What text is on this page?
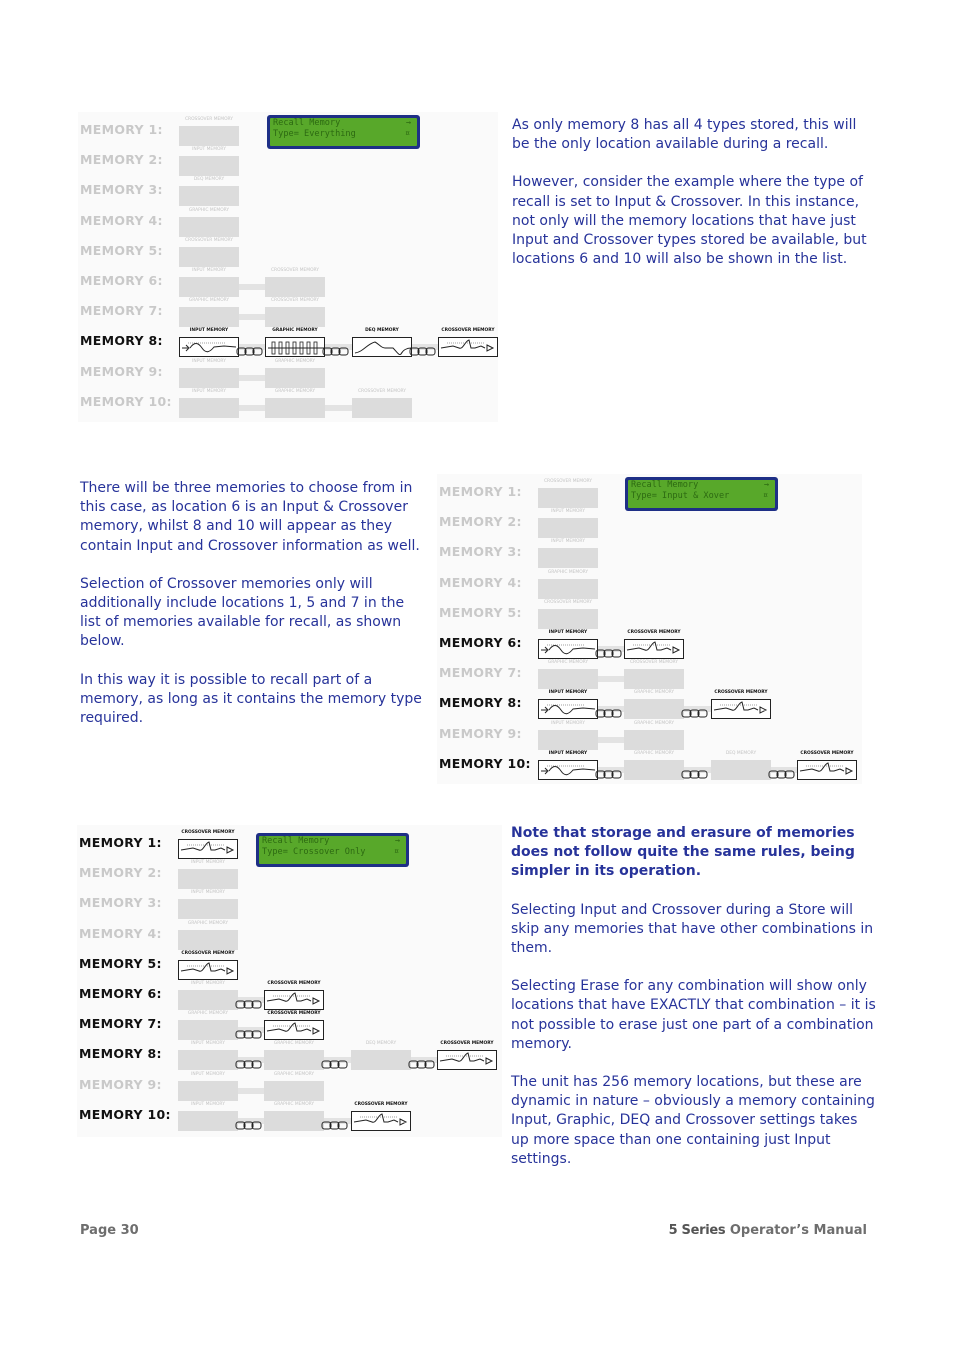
MEMORY 1:
CROSSOVER MEMORY
MEMORY 2:
INPUT MEMORY
MEMORY 3:
DEQ MEMORY
MEMORY 4:
GRAPHIC MEMORY
MEMORY 5:
CROSSOVER MEMORY
MEMORY 6:
INPUT MEMORY	CROSSOVER MEMORY
MEMORY 7:
GRAPHIC MEMORY	CROSSOVER MEMORY
MEMORY 8:
INPUT MEMORY	GRAPHIC MEMORY	DEQ MEMORY	CROSSOVER MEMORY
MEMORY 9:
INPUT MEMORY	GRAPHIC MEMORY
MEMORY 10:
INPUT MEMORY	GRAPHIC MEMORY	CROSSOVER MEMORY
Recall Memory
Type= Everything
→
¤

As only memory 8 has all 4 types stored, this will be the only location available during a recall.

However, consider the example where the type of recall is set to Input & Crossover. In this instance, not only will the memory locations that have just Input and Crossover types stored be available, but locations 6 and 10 will also be shown in the list.

There will be three memories to choose from in this case, as location 6 is an Input & Crossover memory, whilst 8 and 10 will appear as they contain Input and Crossover information as well.

Selection of Crossover memories only will additionally include locations 1, 5 and 7 in the list of memories available for recall, as shown below.

In this way it is possible to recall part of a memory, as long as it contains the memory type required.

MEMORY 1:
CROSSOVER MEMORY
MEMORY 2:
INPUT MEMORY
MEMORY 3:
INPUT MEMORY
MEMORY 4:
GRAPHIC MEMORY
MEMORY 5:
CROSSOVER MEMORY
MEMORY 6:
INPUT MEMORY	CROSSOVER MEMORY
MEMORY 7:
GRAPHIC MEMORY	CROSSOVER MEMORY
MEMORY 8:
INPUT MEMORY	GRAPHIC MEMORY	CROSSOVER MEMORY
MEMORY 9:
INPUT MEMORY	GRAPHIC MEMORY
MEMORY 10:
INPUT MEMORY	GRAPHIC MEMORY	DEQ MEMORY	CROSSOVER MEMORY
Recall Memory
Type= Input & Xover
→
¤
MEMORY 1:
CROSSOVER MEMORY
MEMORY 2:
INPUT MEMORY
MEMORY 3:
INPUT MEMORY
MEMORY 4:
GRAPHIC MEMORY
MEMORY 5:
CROSSOVER MEMORY
MEMORY 6:
INPUT MEMORY	CROSSOVER MEMORY
MEMORY 7:
GRAPHIC MEMORY	CROSSOVER MEMORY
MEMORY 8:
INPUT MEMORY	GRAPHIC MEMORY	DEQ MEMORY	CROSSOVER MEMORY
MEMORY 9:
INPUT MEMORY	GRAPHIC MEMORY
MEMORY 10:
INPUT MEMORY	GRAPHIC MEMORY	CROSSOVER MEMORY
Recall Memory
Type= Crossover Only
→
¤

Note that storage and erasure of memories does not follow quite the same rules, being simpler in its operation.

Selecting Input and Crossover during a Store will skip any memories that have other combinations in them.

Selecting Erase for any combination will show only locations that have EXACTLY that combination – it is not possible to erase just one part of a combination memory.

The unit has 256 memory locations, but these are dynamic in nature – obviously a memory containing Input, Graphic, DEQ and Crossover settings takes up more space than one containing just Input settings.

Page 30	5 Series Operator’s Manual
